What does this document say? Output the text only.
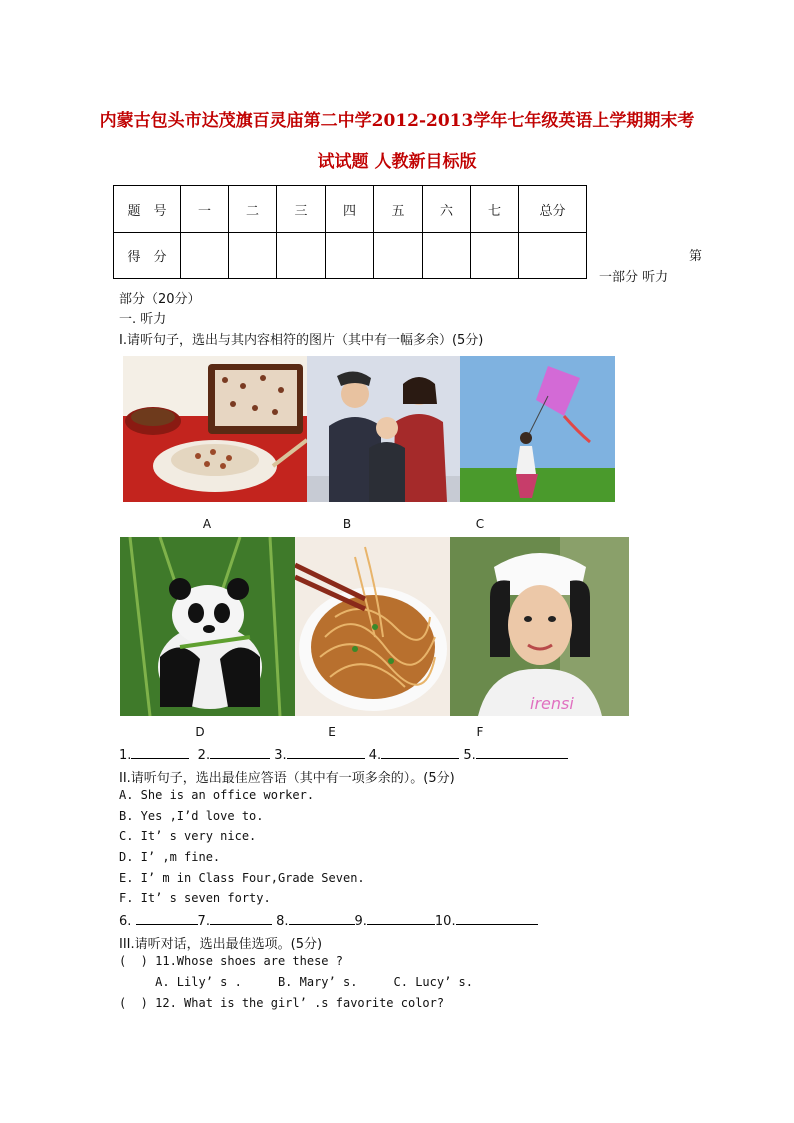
内蒙古包头市达茂旗百灵庙第二中学2012-2013学年七年级英语上学期期末考
试试题 人教新目标版
题　号	一	二	三	四	五	六	七	总分
得　分									第
一部分 听力
部分（20分）
一. 听力
I.请听句子，选出与其内容相符的图片（其中有一幅多余）(5分)
A	B	C
irensi
D	E	F
1.	2.	3.	4.	5.
II.请听句子，选出最佳应答语（其中有一项多余的）。(5分)
A. She is an office worker.
B. Yes ,I’d love to.
C. It’ s very nice.
D. I’ ,m fine.
E. I’ m in Class Four,Grade Seven.
F. It’ s seven forty.
6.	7.	8.	9.	10.
III.请听对话，选出最佳选项。(5分)
(  ) 11.Whose shoes are these ?
A. Lily’ s .     B. Mary’ s.     C. Lucy’ s.
(  ) 12. What is the girl’ .s favorite color?
